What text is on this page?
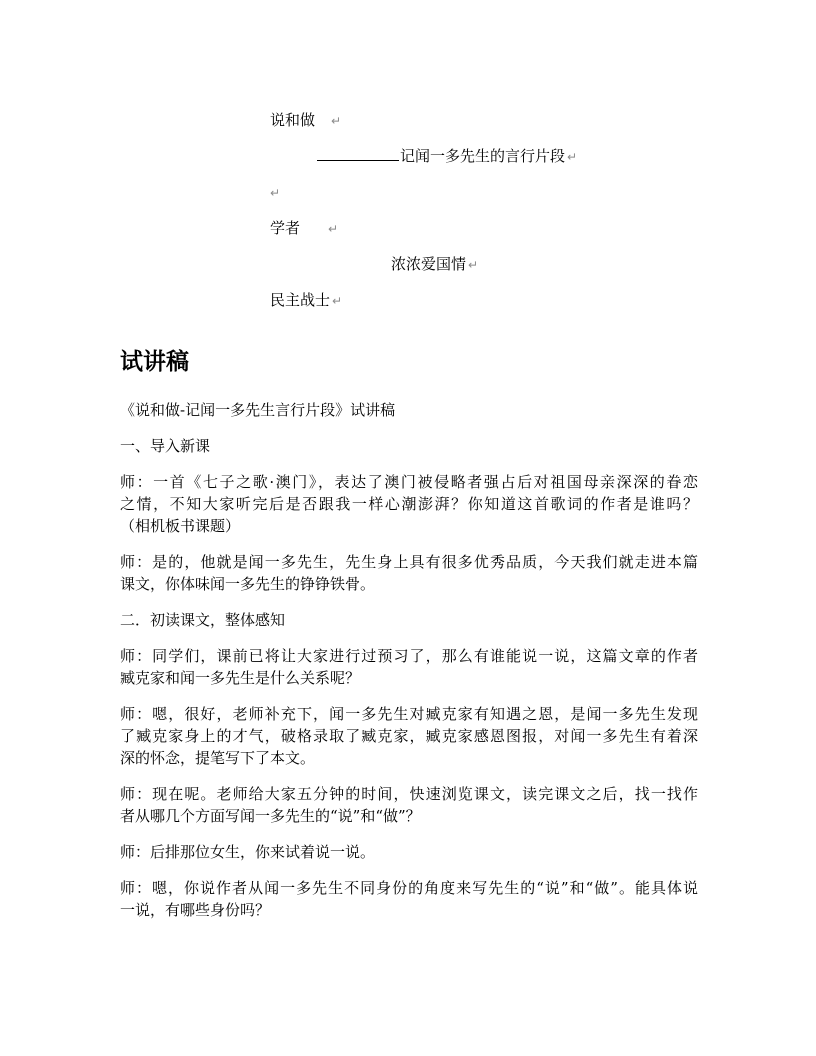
说和做 ↵
记闻一多先生的言行片段 ↵
↵
学者 ↵
浓浓爱国情 ↵
民主战士 ↵
试讲稿
《说和做-记闻一多先生言行片段》试讲稿
一、导入新课
师：一首《七子之歌·澳门》，表达了澳门被侵略者强占后对祖国母亲深深的眷恋
之情，不知大家听完后是否跟我一样心潮澎湃？你知道这首歌词的作者是谁吗？
（相机板书课题）
师：是的，他就是闻一多先生，先生身上具有很多优秀品质，今天我们就走进本篇
课文，你体味闻一多先生的铮铮铁骨。
二．初读课文，整体感知
师：同学们，课前已将让大家进行过预习了，那么有谁能说一说，这篇文章的作者
臧克家和闻一多先生是什么关系呢？
师：嗯，很好，老师补充下，闻一多先生对臧克家有知遇之恩，是闻一多先生发现
了臧克家身上的才气，破格录取了臧克家，臧克家感恩图报，对闻一多先生有着深
深的怀念，提笔写下了本文。
师：现在呢。老师给大家五分钟的时间，快速浏览课文，读完课文之后，找一找作
者从哪几个方面写闻一多先生的“说”和“做”？
师：后排那位女生，你来试着说一说。
师：嗯，你说作者从闻一多先生不同身份的角度来写先生的“说”和“做”。能具体说
一说，有哪些身份吗？
